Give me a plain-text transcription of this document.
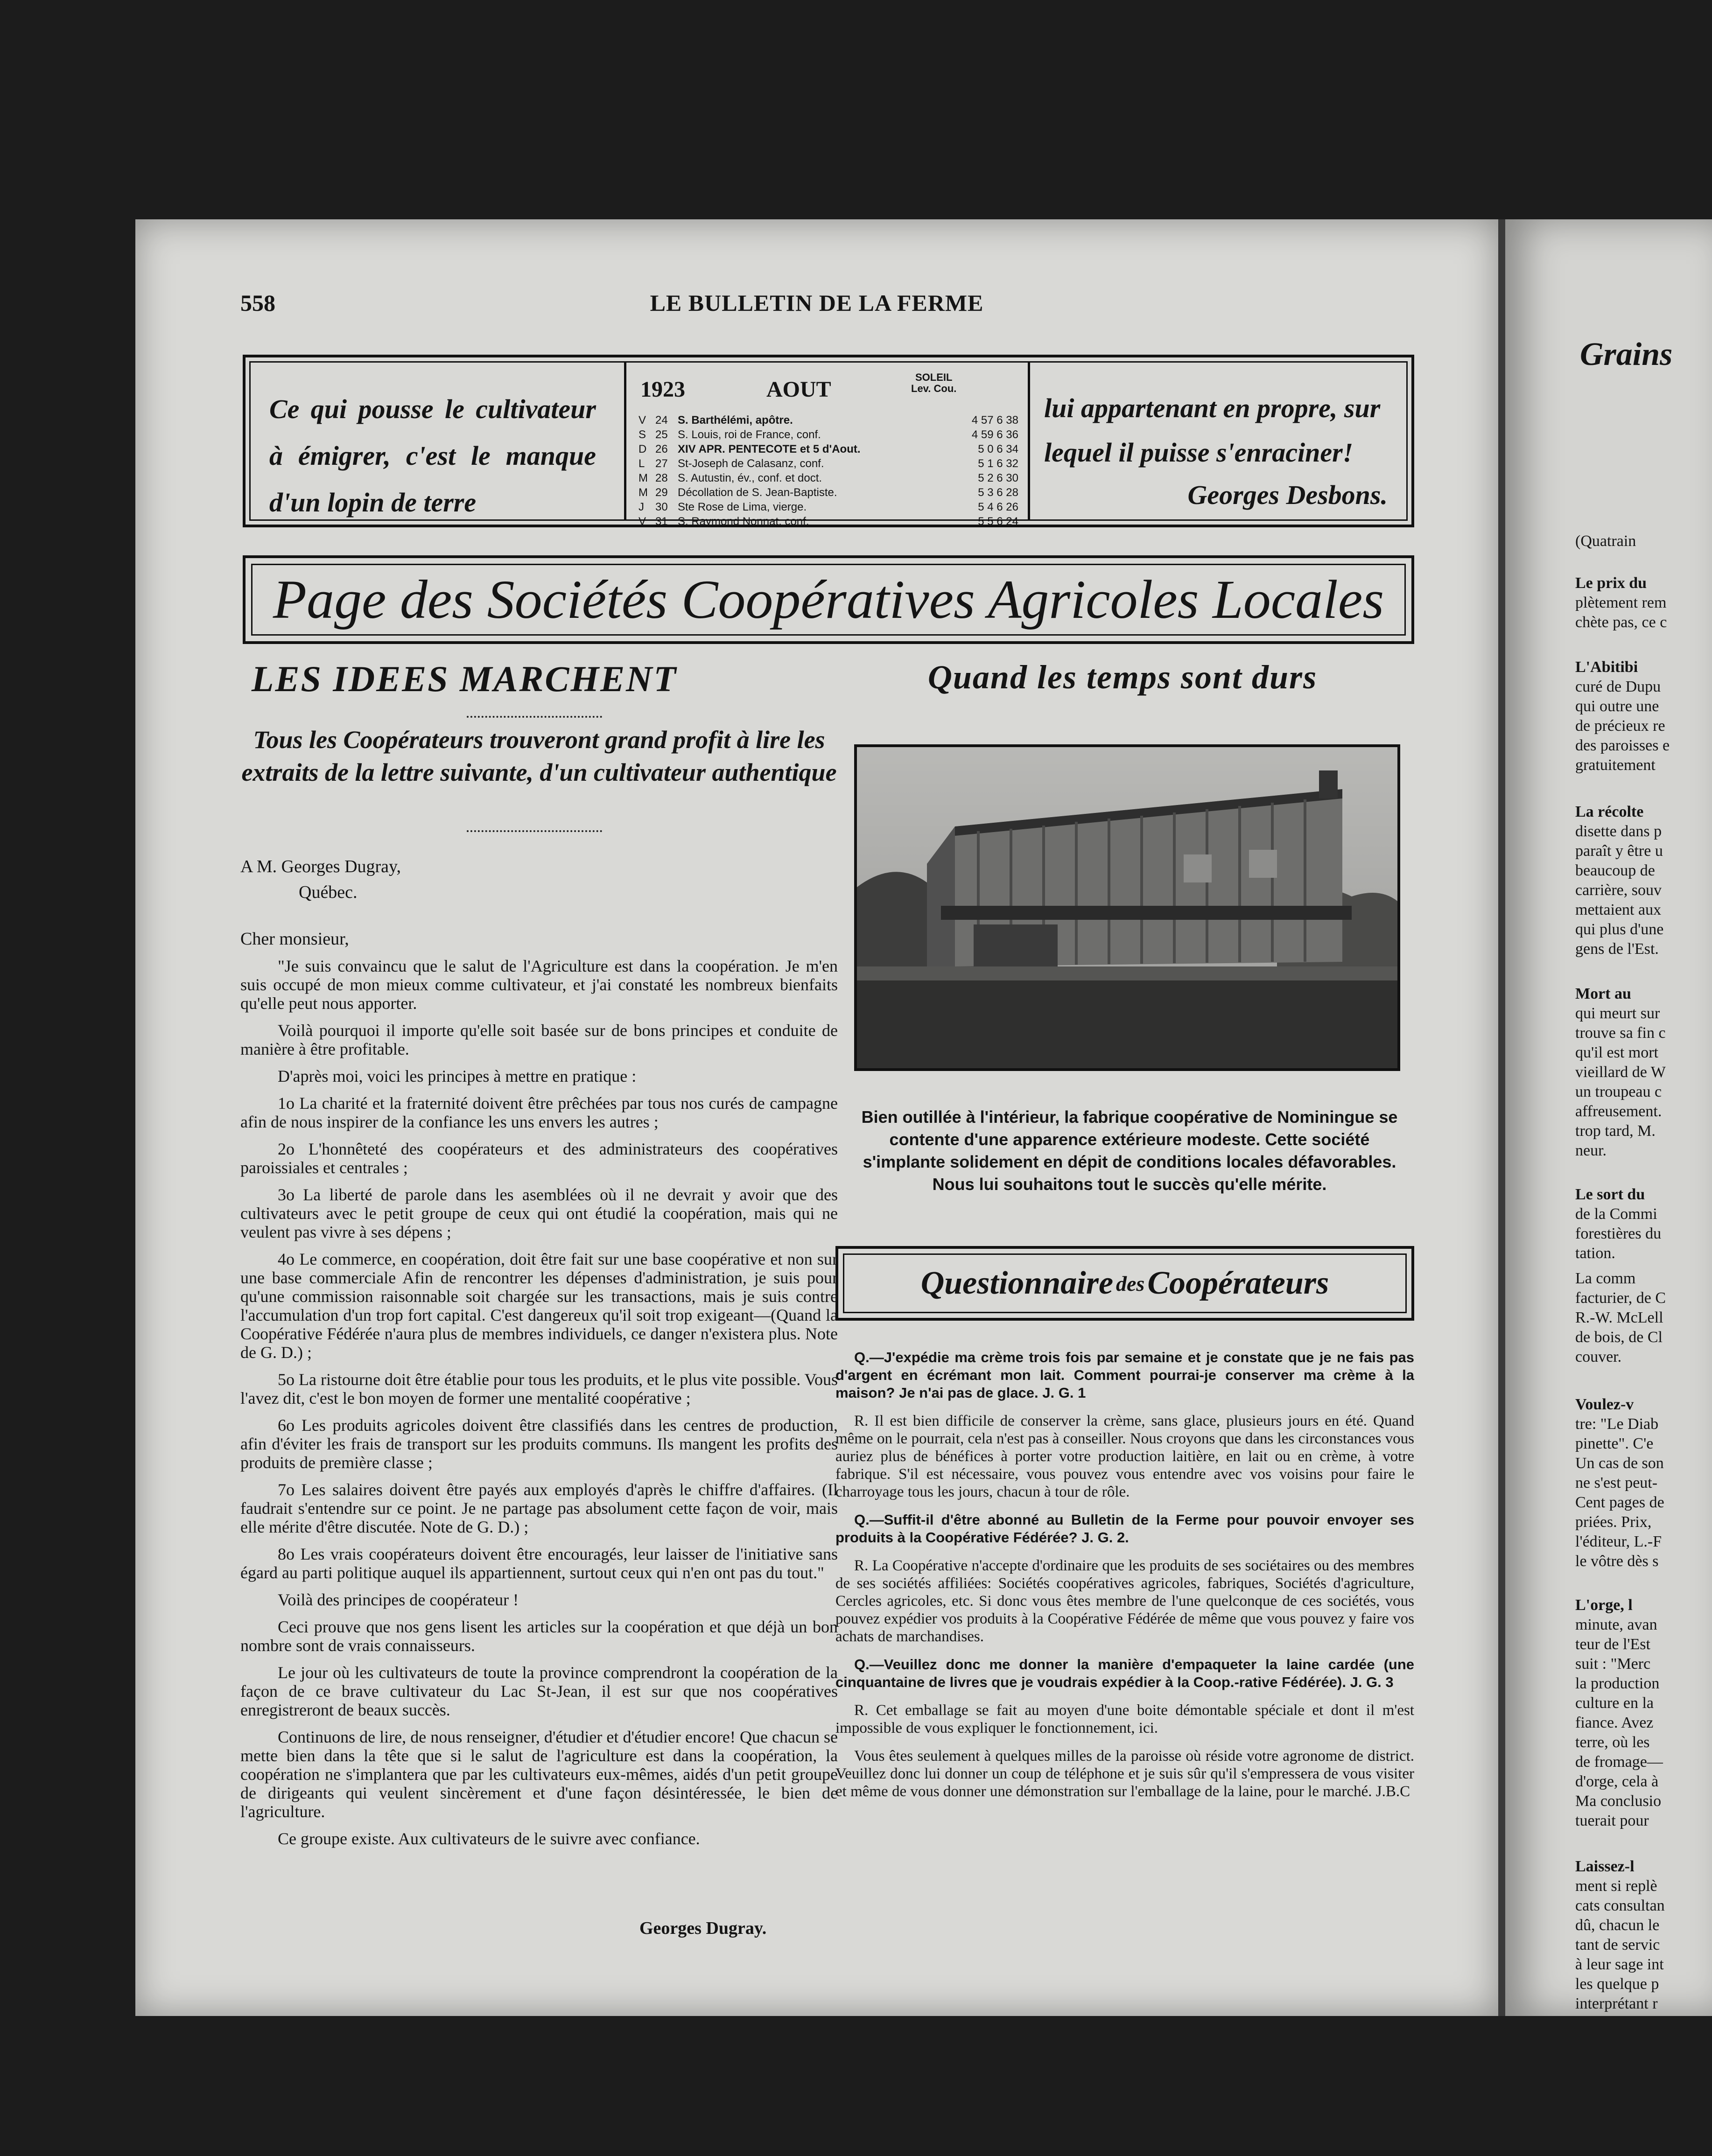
558	LE BULLETIN DE LA FERME
Ce qui pousse le cultivateur à émigrer, c'est le manque d'un lopin de terre
1923	AOUT	SOLEIL
Lev. Cou.
V 24 S. Barthélémi, apôtre.	4 57 6 38
S 25 S. Louis, roi de France, conf.	4 59 6 36
D 26 XIV APR. PENTECOTE et 5 d'Aout.	5 0 6 34
L 27 St-Joseph de Calasanz, conf.	5 1 6 32
M 28 S. Autustin, év., conf. et doct.	5 2 6 30
M 29 Décollation de S. Jean-Baptiste.	5 3 6 28
J	30 Ste Rose de Lima, vierge.	5 4 6 26
V 31 S. Raymond Nonnat, conf.	5 5 6 24
lui appartenant en propre, sur lequel il puisse s'enraciner!
Georges Desbons.
Page des Sociétés Coopératives Agricoles Locales
LES IDEES MARCHENT
Tous les Coopérateurs trouveront grand profit à lire les extraits de la lettre suivante, d'un cultivateur authentique
A M. Georges Dugray,
Québec.
Cher monsieur,

"Je suis convaincu que le salut de l'Agriculture est dans la coopération. Je m'en suis occupé de mon mieux comme cultivateur, et j'ai constaté les nombreux bienfaits qu'elle peut nous apporter.

Voilà pourquoi il importe qu'elle soit basée sur de bons principes et conduite de manière à être profitable.

D'après moi, voici les principes à mettre en pratique :

1o La charité et la fraternité doivent être prêchées par tous nos curés de campagne afin de nous inspirer de la confiance les uns envers les autres ;

2o L'honnêteté des coopérateurs et des administrateurs des coopératives paroissiales et centrales ;

3o La liberté de parole dans les asemblées où il ne devrait y avoir que des cultivateurs avec le petit groupe de ceux qui ont étudié la coopération, mais qui ne veulent pas vivre à ses dépens ;

4o Le commerce, en coopération, doit être fait sur une base coopérative et non sur une base commerciale Afin de rencontrer les dépenses d'administration, je suis pour qu'une commission raisonnable soit chargée sur les transactions, mais je suis contre l'accumulation d'un trop fort capital. C'est dangereux qu'il soit trop exigeant—(Quand la Coopérative Fédérée n'aura plus de membres individuels, ce danger n'existera plus. Note de G. D.) ;

5o La ristourne doit être établie pour tous les produits, et le plus vite possible. Vous l'avez dit, c'est le bon moyen de former une mentalité coopérative ;

6o Les produits agricoles doivent être classifiés dans les centres de production, afin d'éviter les frais de transport sur les produits communs. Ils mangent les profits des produits de première classe ;

7o Les salaires doivent être payés aux employés d'après le chiffre d'affaires. (Il faudrait s'entendre sur ce point. Je ne partage pas absolument cette façon de voir, mais elle mérite d'être discutée. Note de G. D.) ;

8o Les vrais coopérateurs doivent être encouragés, leur laisser de l'initiative sans égard au parti politique auquel ils appartiennent, surtout ceux qui n'en ont pas du tout."

Voilà des principes de coopérateur !

Ceci prouve que nos gens lisent les articles sur la coopération et que déjà un bon nombre sont de vrais connaisseurs.

Le jour où les cultivateurs de toute la province comprendront la coopération de la façon de ce brave cultivateur du Lac St-Jean, il est sur que nos coopératives enregistreront de beaux succès.

Continuons de lire, de nous renseigner, d'étudier et d'étudier encore! Que chacun se mette bien dans la tête que si le salut de l'agriculture est dans la coopération, la coopération ne s'implantera que par les cultivateurs eux-mêmes, aidés d'un petit groupe de dirigeants qui veulent sincèrement et d'une façon désintéressée, le bien de l'agriculture.

Ce groupe existe. Aux cultivateurs de le suivre avec confiance.

Georges Dugray.
Quand les temps sont durs
Bien outillée à l'intérieur, la fabrique coopérative de Nominingue se contente d'une apparence extérieure modeste. Cette société s'implante solidement en dépit de conditions locales défavorables. Nous lui souhaitons tout le succès qu'elle mérite.
Questionnaire des Coopérateurs

Q.—J'expédie ma crème trois fois par semaine et je constate que je ne fais pas d'argent en écrémant mon lait. Comment pourrai-je conserver ma crème à la maison? Je n'ai pas de glace. J. G. 1

R. Il est bien difficile de conserver la crème, sans glace, plusieurs jours en été. Quand même on le pourrait, cela n'est pas à conseiller. Nous croyons que dans les circonstances vous auriez plus de bénéfices à porter votre production laitière, en lait ou en crème, à votre fabrique. S'il est nécessaire, vous pouvez vous entendre avec vos voisins pour faire le charroyage tous les jours, chacun à tour de rôle.

Q.—Suffit-il d'être abonné au Bulletin de la Ferme pour pouvoir envoyer ses produits à la Coopérative Fédérée? J. G. 2.

R. La Coopérative n'accepte d'ordinaire que les produits de ses sociétaires ou des membres de ses sociétés affiliées: Sociétés coopératives agricoles, fabriques, Sociétés d'agriculture, Cercles agricoles, etc. Si donc vous êtes membre de l'une quelconque de ces sociétés, vous pouvez expédier vos produits à la Coopérative Fédérée de même que vous pouvez y faire vos achats de marchandises.

Q.—Veuillez donc me donner la manière d'empaqueter la laine cardée (une cinquantaine de livres que je voudrais expédier à la Coop.-rative Fédérée). J. G. 3

R. Cet emballage se fait au moyen d'une boite démontable spéciale et dont il m'est impossible de vous expliquer le fonctionnement, ici.

Vous êtes seulement à quelques milles de la paroisse où réside votre agronome de district. Veuillez donc lui donner un coup de téléphone et je suis sûr qu'il s'empressera de vous visiter et même de vous donner une démonstration sur l'emballage de la laine, pour le marché. J.B.C

Grains
(Quatrain
Le prix du
plètement rem
chète pas, ce c
L'Abitibi
curé de Dupu
qui outre une
de précieux re
des paroisses e
gratuitement
La récolte
disette dans p
paraît y être u
beaucoup de
carrière, souv
mettaient aux
qui plus d'une
gens de l'Est.
Mort au
qui meurt sur
trouve sa fin c
qu'il est mort
vieillard de W
un troupeau c
affreusement.
trop tard, M.
neur.
Le sort du
de la Commi
forestières du
tation.
La comm
facturier, de C
R.-W. McLell
de bois, de Cl
couver.
Voulez-v
tre: "Le Diab
pinette". C'e
Un cas de son
ne s'est peut-
Cent pages de
priées. Prix,
l'éditeur, L.-F
le vôtre dès s
L'orge, l
minute, avan
teur de l'Est
suit : "Merc
la production
culture en la
fiance. Avez
terre, où les
de fromage—
d'orge, cela à
Ma conclusio
tuerait pour
Laissez-l
ment si replè
cats consultan
dû, chacun le
tant de servic
à leur sage int
les quelque p
interprétant r
